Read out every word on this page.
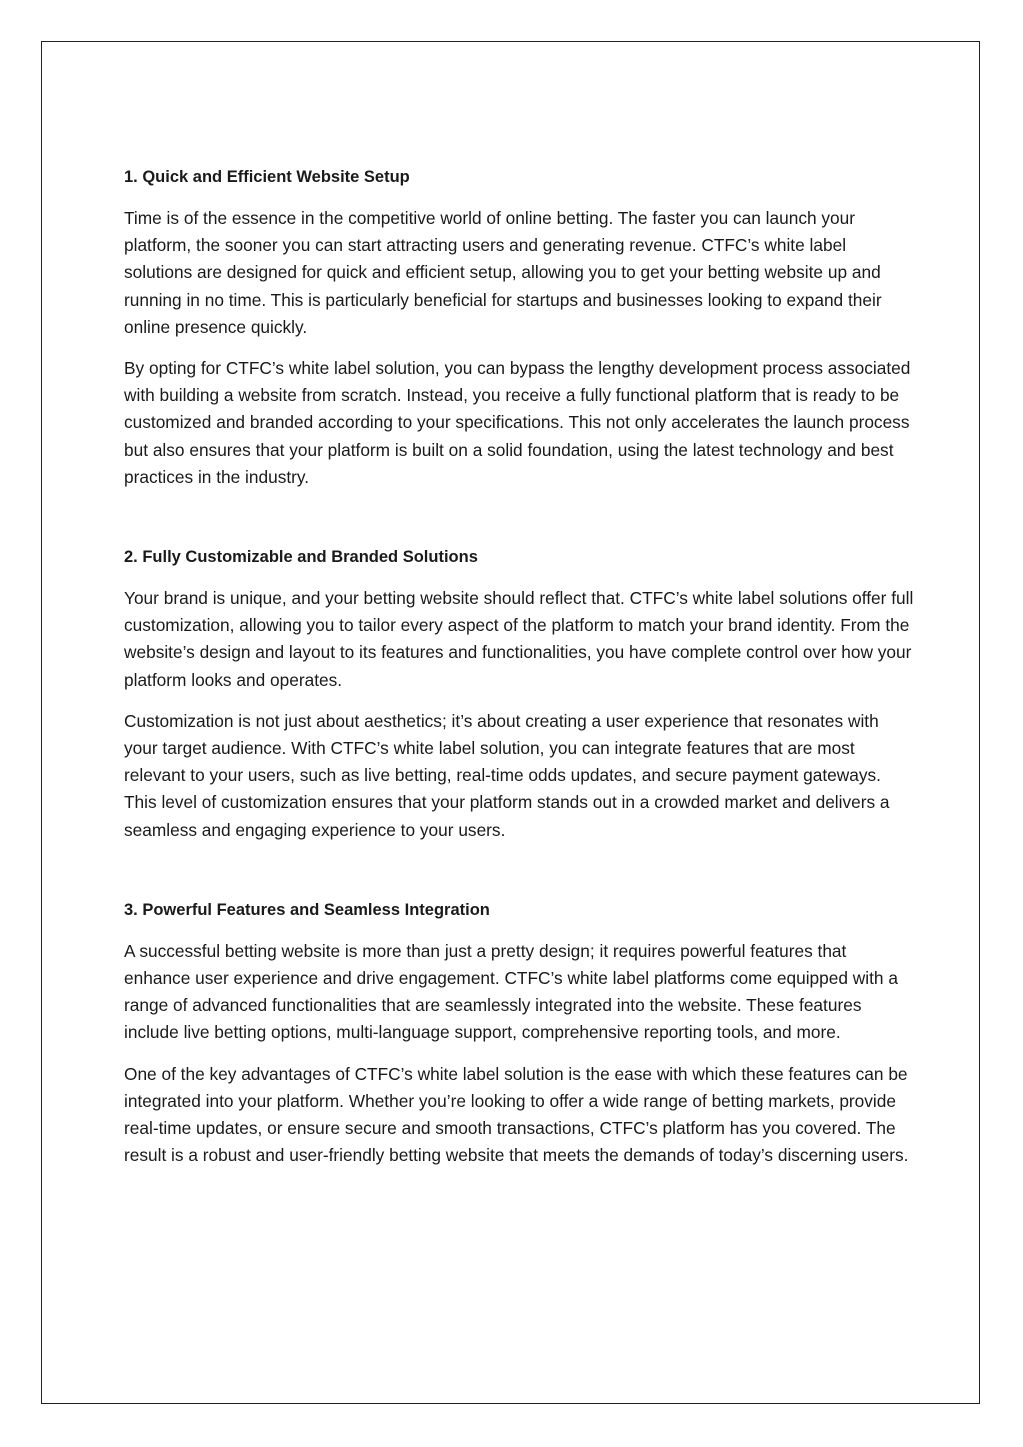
1. Quick and Efficient Website Setup

Time is of the essence in the competitive world of online betting. The faster you can launch your platform, the sooner you can start attracting users and generating revenue. CTFC’s white label solutions are designed for quick and efficient setup, allowing you to get your betting website up and running in no time. This is particularly beneficial for startups and businesses looking to expand their online presence quickly.

By opting for CTFC’s white label solution, you can bypass the lengthy development process associated with building a website from scratch. Instead, you receive a fully functional platform that is ready to be customized and branded according to your specifications. This not only accelerates the launch process but also ensures that your platform is built on a solid foundation, using the latest technology and best practices in the industry.

2. Fully Customizable and Branded Solutions

Your brand is unique, and your betting website should reflect that. CTFC’s white label solutions offer full customization, allowing you to tailor every aspect of the platform to match your brand identity. From the website’s design and layout to its features and functionalities, you have complete control over how your platform looks and operates.

Customization is not just about aesthetics; it’s about creating a user experience that resonates with your target audience. With CTFC’s white label solution, you can integrate features that are most relevant to your users, such as live betting, real-time odds updates, and secure payment gateways. This level of customization ensures that your platform stands out in a crowded market and delivers a seamless and engaging experience to your users.

3. Powerful Features and Seamless Integration

A successful betting website is more than just a pretty design; it requires powerful features that enhance user experience and drive engagement. CTFC’s white label platforms come equipped with a range of advanced functionalities that are seamlessly integrated into the website. These features include live betting options, multi-language support, comprehensive reporting tools, and more.

One of the key advantages of CTFC’s white label solution is the ease with which these features can be integrated into your platform. Whether you’re looking to offer a wide range of betting markets, provide real-time updates, or ensure secure and smooth transactions, CTFC’s platform has you covered. The result is a robust and user-friendly betting website that meets the demands of today’s discerning users.
